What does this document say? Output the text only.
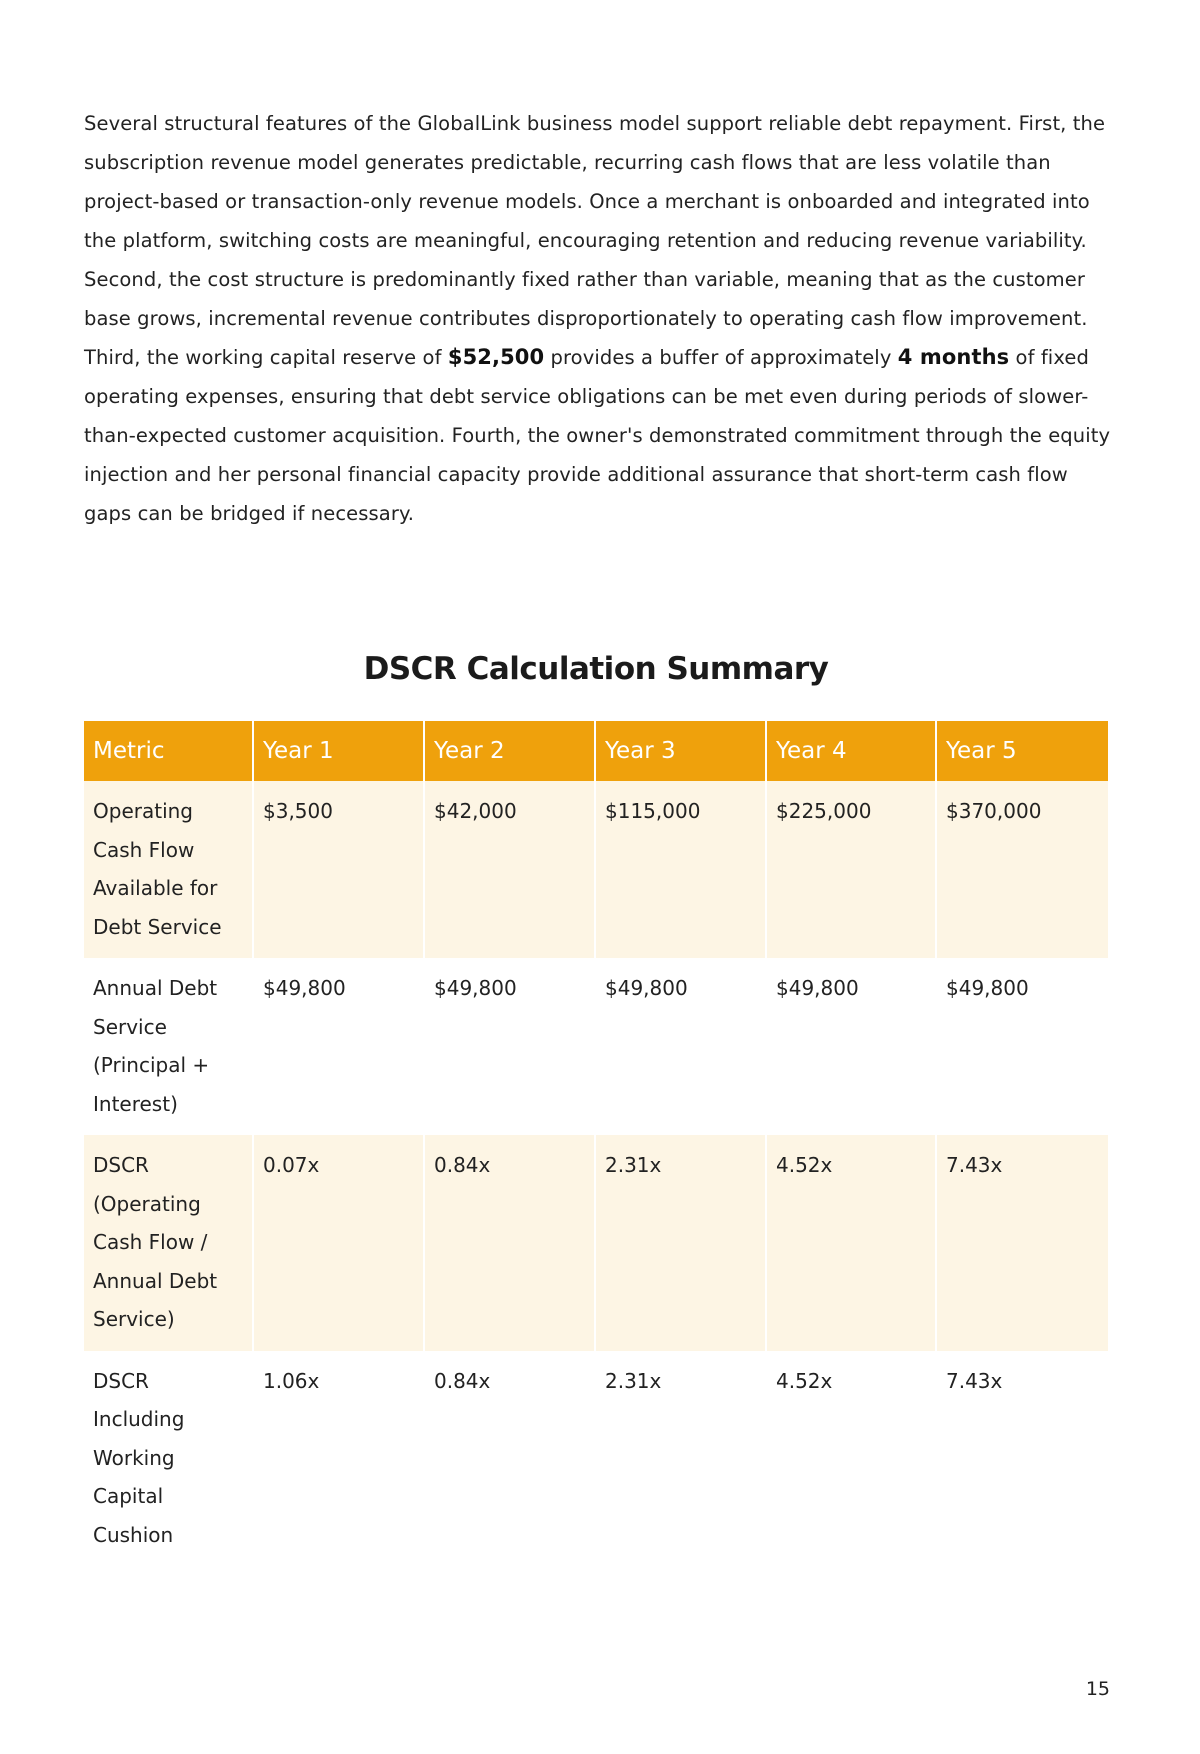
Several structural features of the GlobalLink business model support reliable debt repayment. First, the subscription revenue model generates predictable, recurring cash flows that are less volatile than project-based or transaction-only revenue models. Once a merchant is onboarded and integrated into the platform, switching costs are meaningful, encouraging retention and reducing revenue variability. Second, the cost structure is predominantly fixed rather than variable, meaning that as the customer base grows, incremental revenue contributes disproportionately to operating cash flow improvement. Third, the working capital reserve of $52,500 provides a buffer of approximately 4 months of fixed operating expenses, ensuring that debt service obligations can be met even during periods of slower-than-expected customer acquisition. Fourth, the owner's demonstrated commitment through the equity injection and her personal financial capacity provide additional assurance that short-term cash flow gaps can be bridged if necessary.

DSCR Calculation Summary
Metric	Year 1	Year 2	Year 3	Year 4	Year 5
Operating Cash Flow Available for Debt Service	$3,500	$42,000	$115,000	$225,000	$370,000
Annual Debt Service (Principal + Interest)	$49,800	$49,800	$49,800	$49,800	$49,800
DSCR (Operating Cash Flow / Annual Debt Service)	0.07x	0.84x	2.31x	4.52x	7.43x
DSCR Including Working Capital Cushion	1.06x	0.84x	2.31x	4.52x	7.43x
15
